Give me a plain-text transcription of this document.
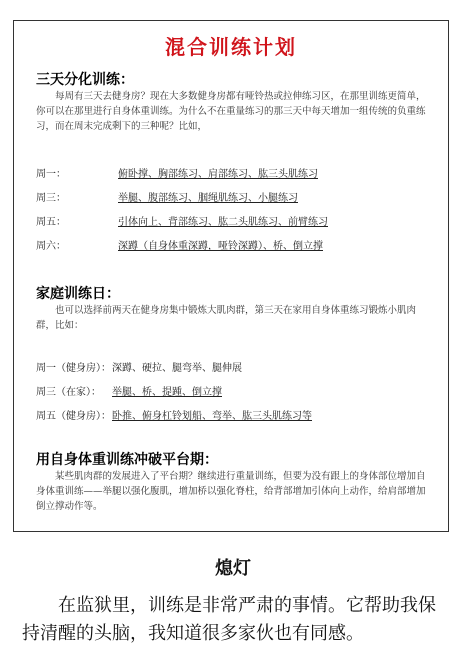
混合训练计划
三天分化训练：
每周有三天去健身房？现在大多数健身房都有哑铃热或拉伸练习区，在那里训练更简单，你可以在那里进行自身体重训练。为什么不在重量练习的那三天中每天增加一组传统的负重练习，而在周末完成剩下的三种呢？比如，
周一：	俯卧撑、胸部练习、肩部练习、肱三头肌练习
周三：	举腿、腹部练习、腘绳肌练习、小腿练习
周五：	引体向上、背部练习、肱二头肌练习、前臂练习
周六：	深蹲（自身体重深蹲，哑铃深蹲）、桥、倒立撑
家庭训练日：
也可以选择前两天在健身房集中锻炼大肌肉群，第三天在家用自身体重练习锻炼小肌肉群，比如：
周一（健身房）：深蹲、硬拉、腿弯举、腿伸展
周三（在家）： 举腿、桥、提踵、倒立撑
周五（健身房）：卧推、俯身杠铃划船、弯举、肱三头肌练习等
用自身体重训练冲破平台期：
某些肌肉群的发展进入了平台期？继续进行重量训练，但要为没有跟上的身体部位增加自身体重训练——举腿以强化腹肌，增加桥以强化脊柱，给背部增加引体向上动作，给肩部增加倒立撑动作等。
熄灯
在监狱里，训练是非常严肃的事情。它帮助我保持清醒的头脑，我知道很多家伙也有同感。
